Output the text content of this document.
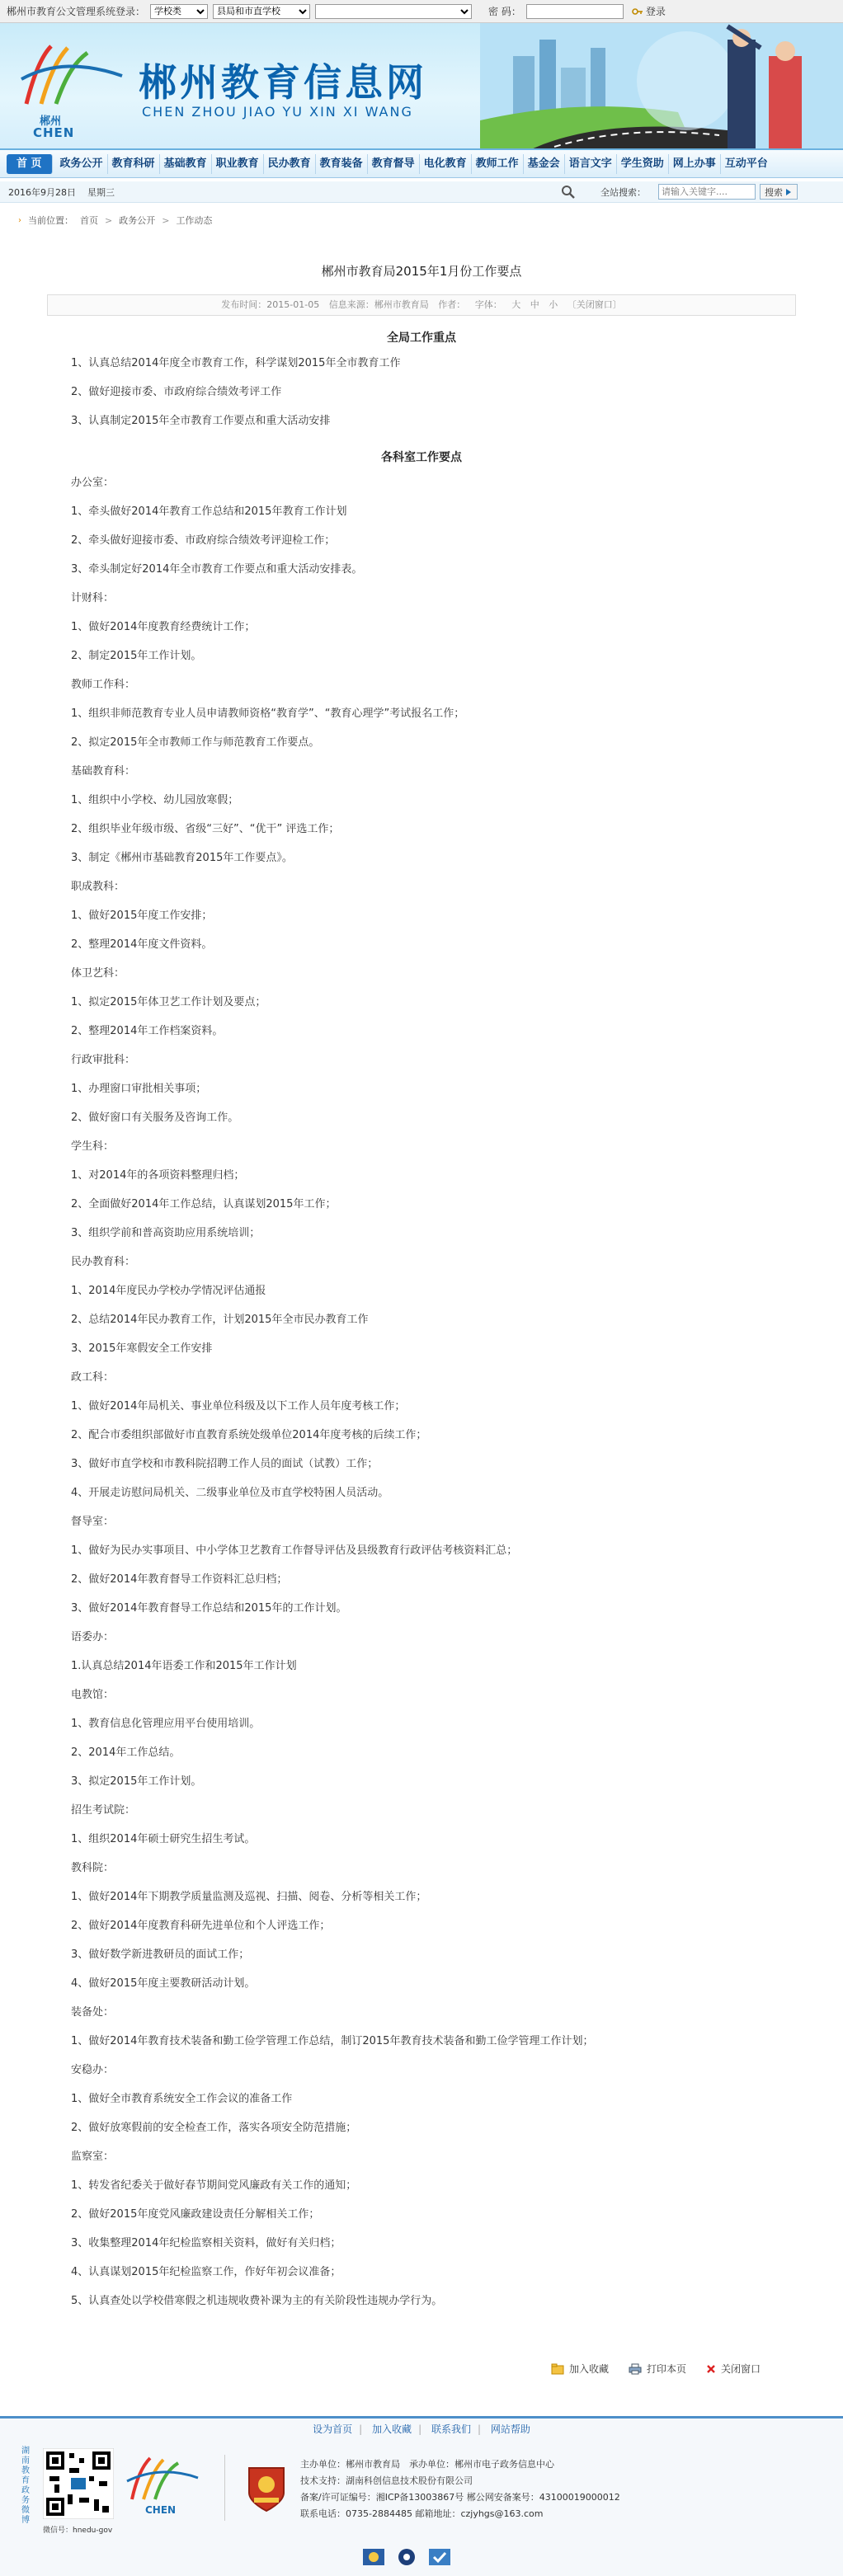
郴州市教育公文管理系统登录：
学校类
县局和市直学校	密 码：	登录
郴州
CHEN
郴州教育信息网
CHEN ZHOU JIAO YU XIN XI WANG
首 页	政务公开 教育科研 基础教育 职业教育 民办教育 教育装备 教育督导 电化教育 教师工作 基金会 语言文字 学生资助 网上办事 互动平台
2016年9月28日 星期三	全站搜索：
请输入关键字....	搜索
› 当前位置： 首页 > 政务公开 > 工作动态
郴州市教育局2015年1月份工作要点
发布时间：2015-01-05 信息来源：郴州市教育局 作者： 字体： 大 中 小 〔关闭窗口〕
全局工作重点
1、认真总结2014年度全市教育工作，科学谋划2015年全市教育工作
2、做好迎接市委、市政府综合绩效考评工作
3、认真制定2015年全市教育工作要点和重大活动安排
各科室工作要点
办公室：
1、牵头做好2014年教育工作总结和2015年教育工作计划
2、牵头做好迎接市委、市政府综合绩效考评迎检工作；
3、牵头制定好2014年全市教育工作要点和重大活动安排表。
计财科：
1、做好2014年度教育经费统计工作；
2、制定2015年工作计划。
教师工作科：
1、组织非师范教育专业人员申请教师资格“教育学”、“教育心理学”考试报名工作；
2、拟定2015年全市教师工作与师范教育工作要点。
基础教育科：
1、组织中小学校、幼儿园放寒假；
2、组织毕业年级市级、省级“三好”、“优干” 评选工作；
3、制定《郴州市基础教育2015年工作要点》。
职成教科：
1、做好2015年度工作安排；
2、整理2014年度文件资料。
体卫艺科：
1、拟定2015年体卫艺工作计划及要点；
2、整理2014年工作档案资料。
行政审批科：
1、办理窗口审批相关事项；
2、做好窗口有关服务及咨询工作。
学生科：
1、对2014年的各项资料整理归档；
2、全面做好2014年工作总结，认真谋划2015年工作；
3、组织学前和普高资助应用系统培训；
民办教育科：
1、2014年度民办学校办学情况评估通报
2、总结2014年民办教育工作，计划2015年全市民办教育工作
3、2015年寒假安全工作安排
政工科：
1、做好2014年局机关、事业单位科级及以下工作人员年度考核工作；
2、配合市委组织部做好市直教育系统处级单位2014年度考核的后续工作；
3、做好市直学校和市教科院招聘工作人员的面试（试教）工作；
4、开展走访慰问局机关、二级事业单位及市直学校特困人员活动。
督导室：
1、做好为民办实事项目、中小学体卫艺教育工作督导评估及县级教育行政评估考核资料汇总；
2、做好2014年教育督导工作资料汇总归档；
3、做好2014年教育督导工作总结和2015年的工作计划。
语委办：
1.认真总结2014年语委工作和2015年工作计划
电教馆：
1、教育信息化管理应用平台使用培训。
2、2014年工作总结。
3、拟定2015年工作计划。
招生考试院：
1、组织2014年硕士研究生招生考试。
教科院：
1、做好2014年下期教学质量监测及巡视、扫描、阅卷、分析等相关工作；
2、做好2014年度教育科研先进单位和个人评选工作；
3、做好数学新进教研员的面试工作；
4、做好2015年度主要教研活动计划。
装备处：
1、做好2014年教育技术装备和勤工俭学管理工作总结，制订2015年教育技术装备和勤工俭学管理工作计划；
安稳办：
1、做好全市教育系统安全工作会议的准备工作
2、做好放寒假前的安全检查工作，落实各项安全防范措施；
监察室：
1、转发省纪委关于做好春节期间党风廉政有关工作的通知；
2、做好2015年度党风廉政建设责任分解相关工作；
3、收集整理2014年纪检监察相关资料，做好有关归档；
4、认真谋划2015年纪检监察工作，作好年初会议准备；
5、认真查处以学校借寒假之机违规收费补课为主的有关阶段性违规办学行为。
加入收藏	打印本页	关闭窗口
设为首页 | 加入收藏 | 联系我们 | 网站帮助
湖南教育政务微博
微信号：hnedu-gov
CHEN
主办单位：郴州市教育局　承办单位：郴州市电子政务信息中心
技术支持：湖南科创信息技术股份有限公司
备案/许可证编号：湘ICP备13003867号 郴公网安备案号：43100019000012
联系电话：0735-2884485 邮箱地址：czjyhgs@163.com
